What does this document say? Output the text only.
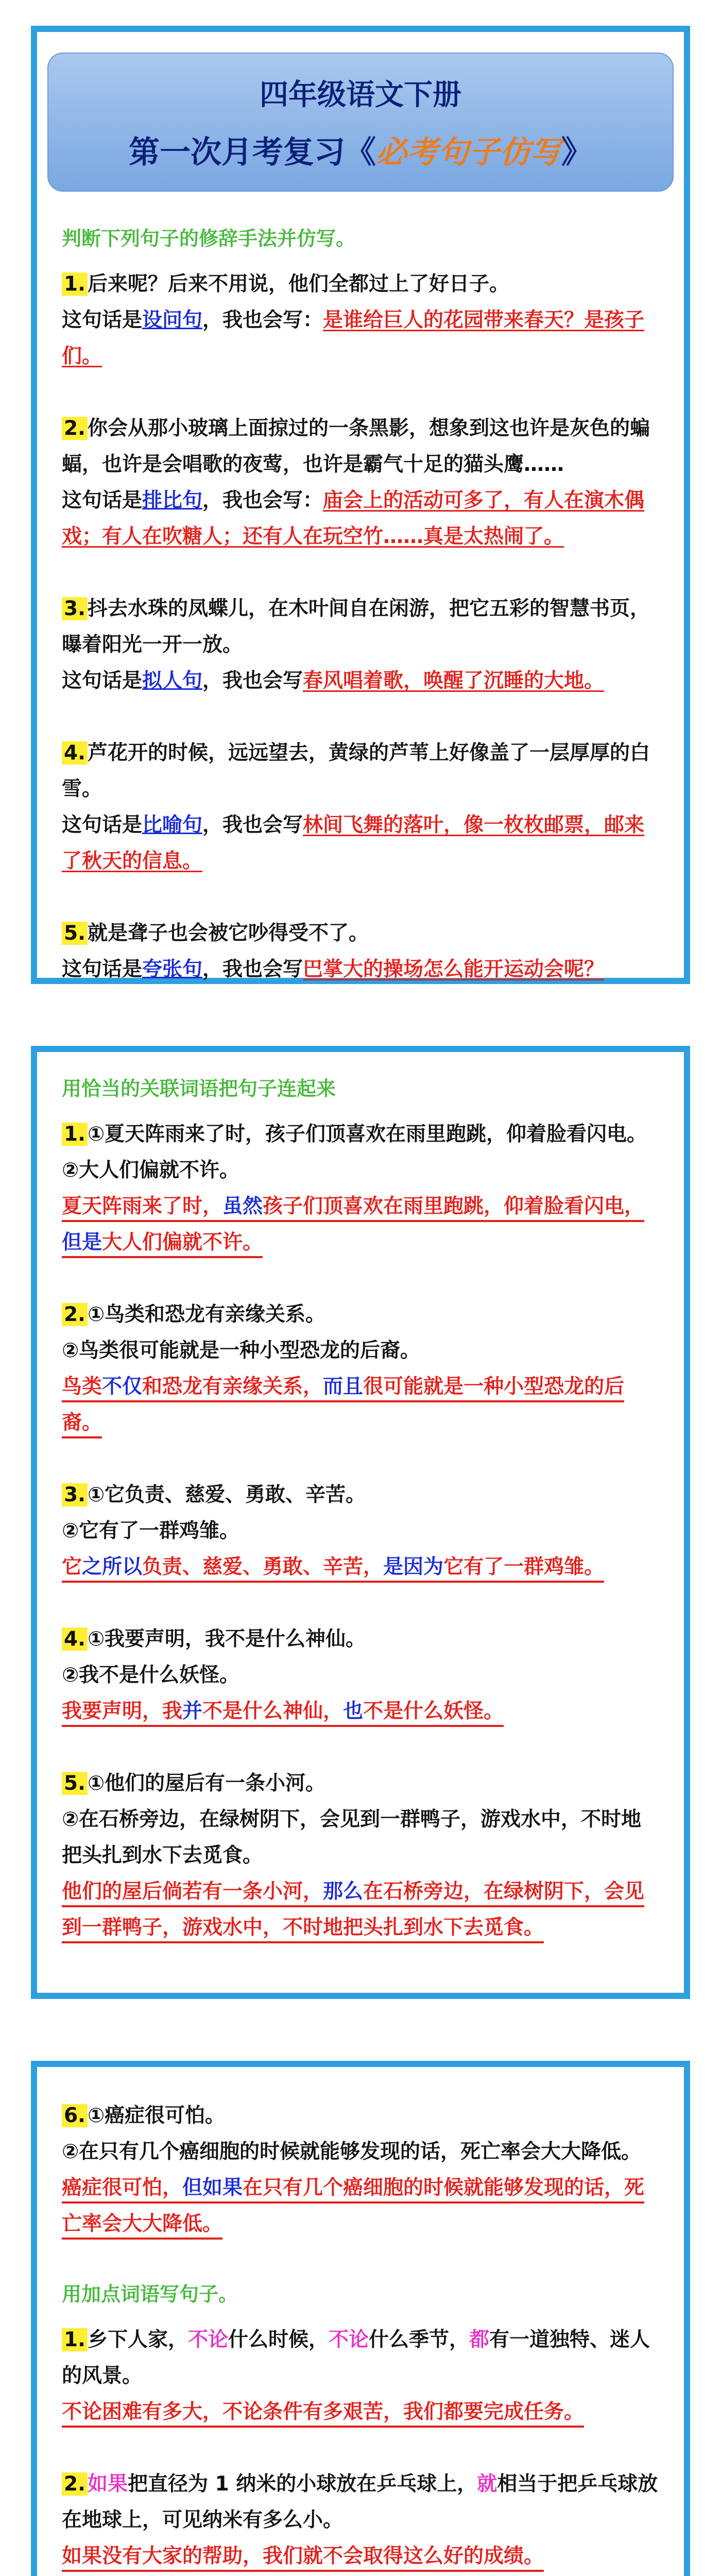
四年级语文下册
第一次月考复习《必考句子仿写》
判断下列句子的修辞手法并仿写。
1. 后来呢？后来不用说，他们全都过上了好日子。
这句话是设问句，我也会写：是谁给巨人的花园带来春天？是孩子们。
2. 你会从那小玻璃上面掠过的一条黑影，想象到这也许是灰色的蝙蝠，也许是会唱歌的夜莺，也许是霸气十足的猫头鹰……
这句话是排比句，我也会写：庙会上的活动可多了，有人在演木偶戏；有人在吹糖人；还有人在玩空竹……真是太热闹了。
3. 抖去水珠的凤蝶儿，在木叶间自在闲游，把它五彩的智慧书页，曝着阳光一开一放。
这句话是拟人句，我也会写春风唱着歌，唤醒了沉睡的大地。
4. 芦花开的时候，远远望去，黄绿的芦苇上好像盖了一层厚厚的白雪。
这句话是比喻句，我也会写林间飞舞的落叶，像一枚枚邮票，邮来了秋天的信息。
5. 就是聋子也会被它吵得受不了。
这句话是夸张句，我也会写巴掌大的操场怎么能开运动会呢？
用恰当的关联词语把句子连起来
1. ①夏天阵雨来了时，孩子们顶喜欢在雨里跑跳，仰着脸看闪电。
②大人们偏就不许。
夏天阵雨来了时，虽然孩子们顶喜欢在雨里跑跳，仰着脸看闪电，但是大人们偏就不许。
2. ①鸟类和恐龙有亲缘关系。
②鸟类很可能就是一种小型恐龙的后裔。
鸟类不仅和恐龙有亲缘关系，而且很可能就是一种小型恐龙的后裔。
3. ①它负责、慈爱、勇敢、辛苦。
②它有了一群鸡雏。
它之所以负责、慈爱、勇敢、辛苦，是因为它有了一群鸡雏。
4. ①我要声明，我不是什么神仙。
②我不是什么妖怪。
我要声明，我并不是什么神仙，也不是什么妖怪。
5. ①他们的屋后有一条小河。
②在石桥旁边，在绿树阴下，会见到一群鸭子，游戏水中，不时地把头扎到水下去觅食。
他们的屋后倘若有一条小河，那么在石桥旁边，在绿树阴下，会见到一群鸭子，游戏水中，不时地把头扎到水下去觅食。
6. ①癌症很可怕。
②在只有几个癌细胞的时候就能够发现的话，死亡率会大大降低。
癌症很可怕，但如果在只有几个癌细胞的时候就能够发现的话，死亡率会大大降低。
用加点词语写句子。
1. 乡下人家，不论什么时候，不论什么季节，都有一道独特、迷人的风景。
不论困难有多大，不论条件有多艰苦，我们都要完成任务。
2. 如果把直径为 1 纳米的小球放在乒乓球上，就相当于把乒乓球放在地球上，可见纳米有多么小。
如果没有大家的帮助，我们就不会取得这么好的成绩。
